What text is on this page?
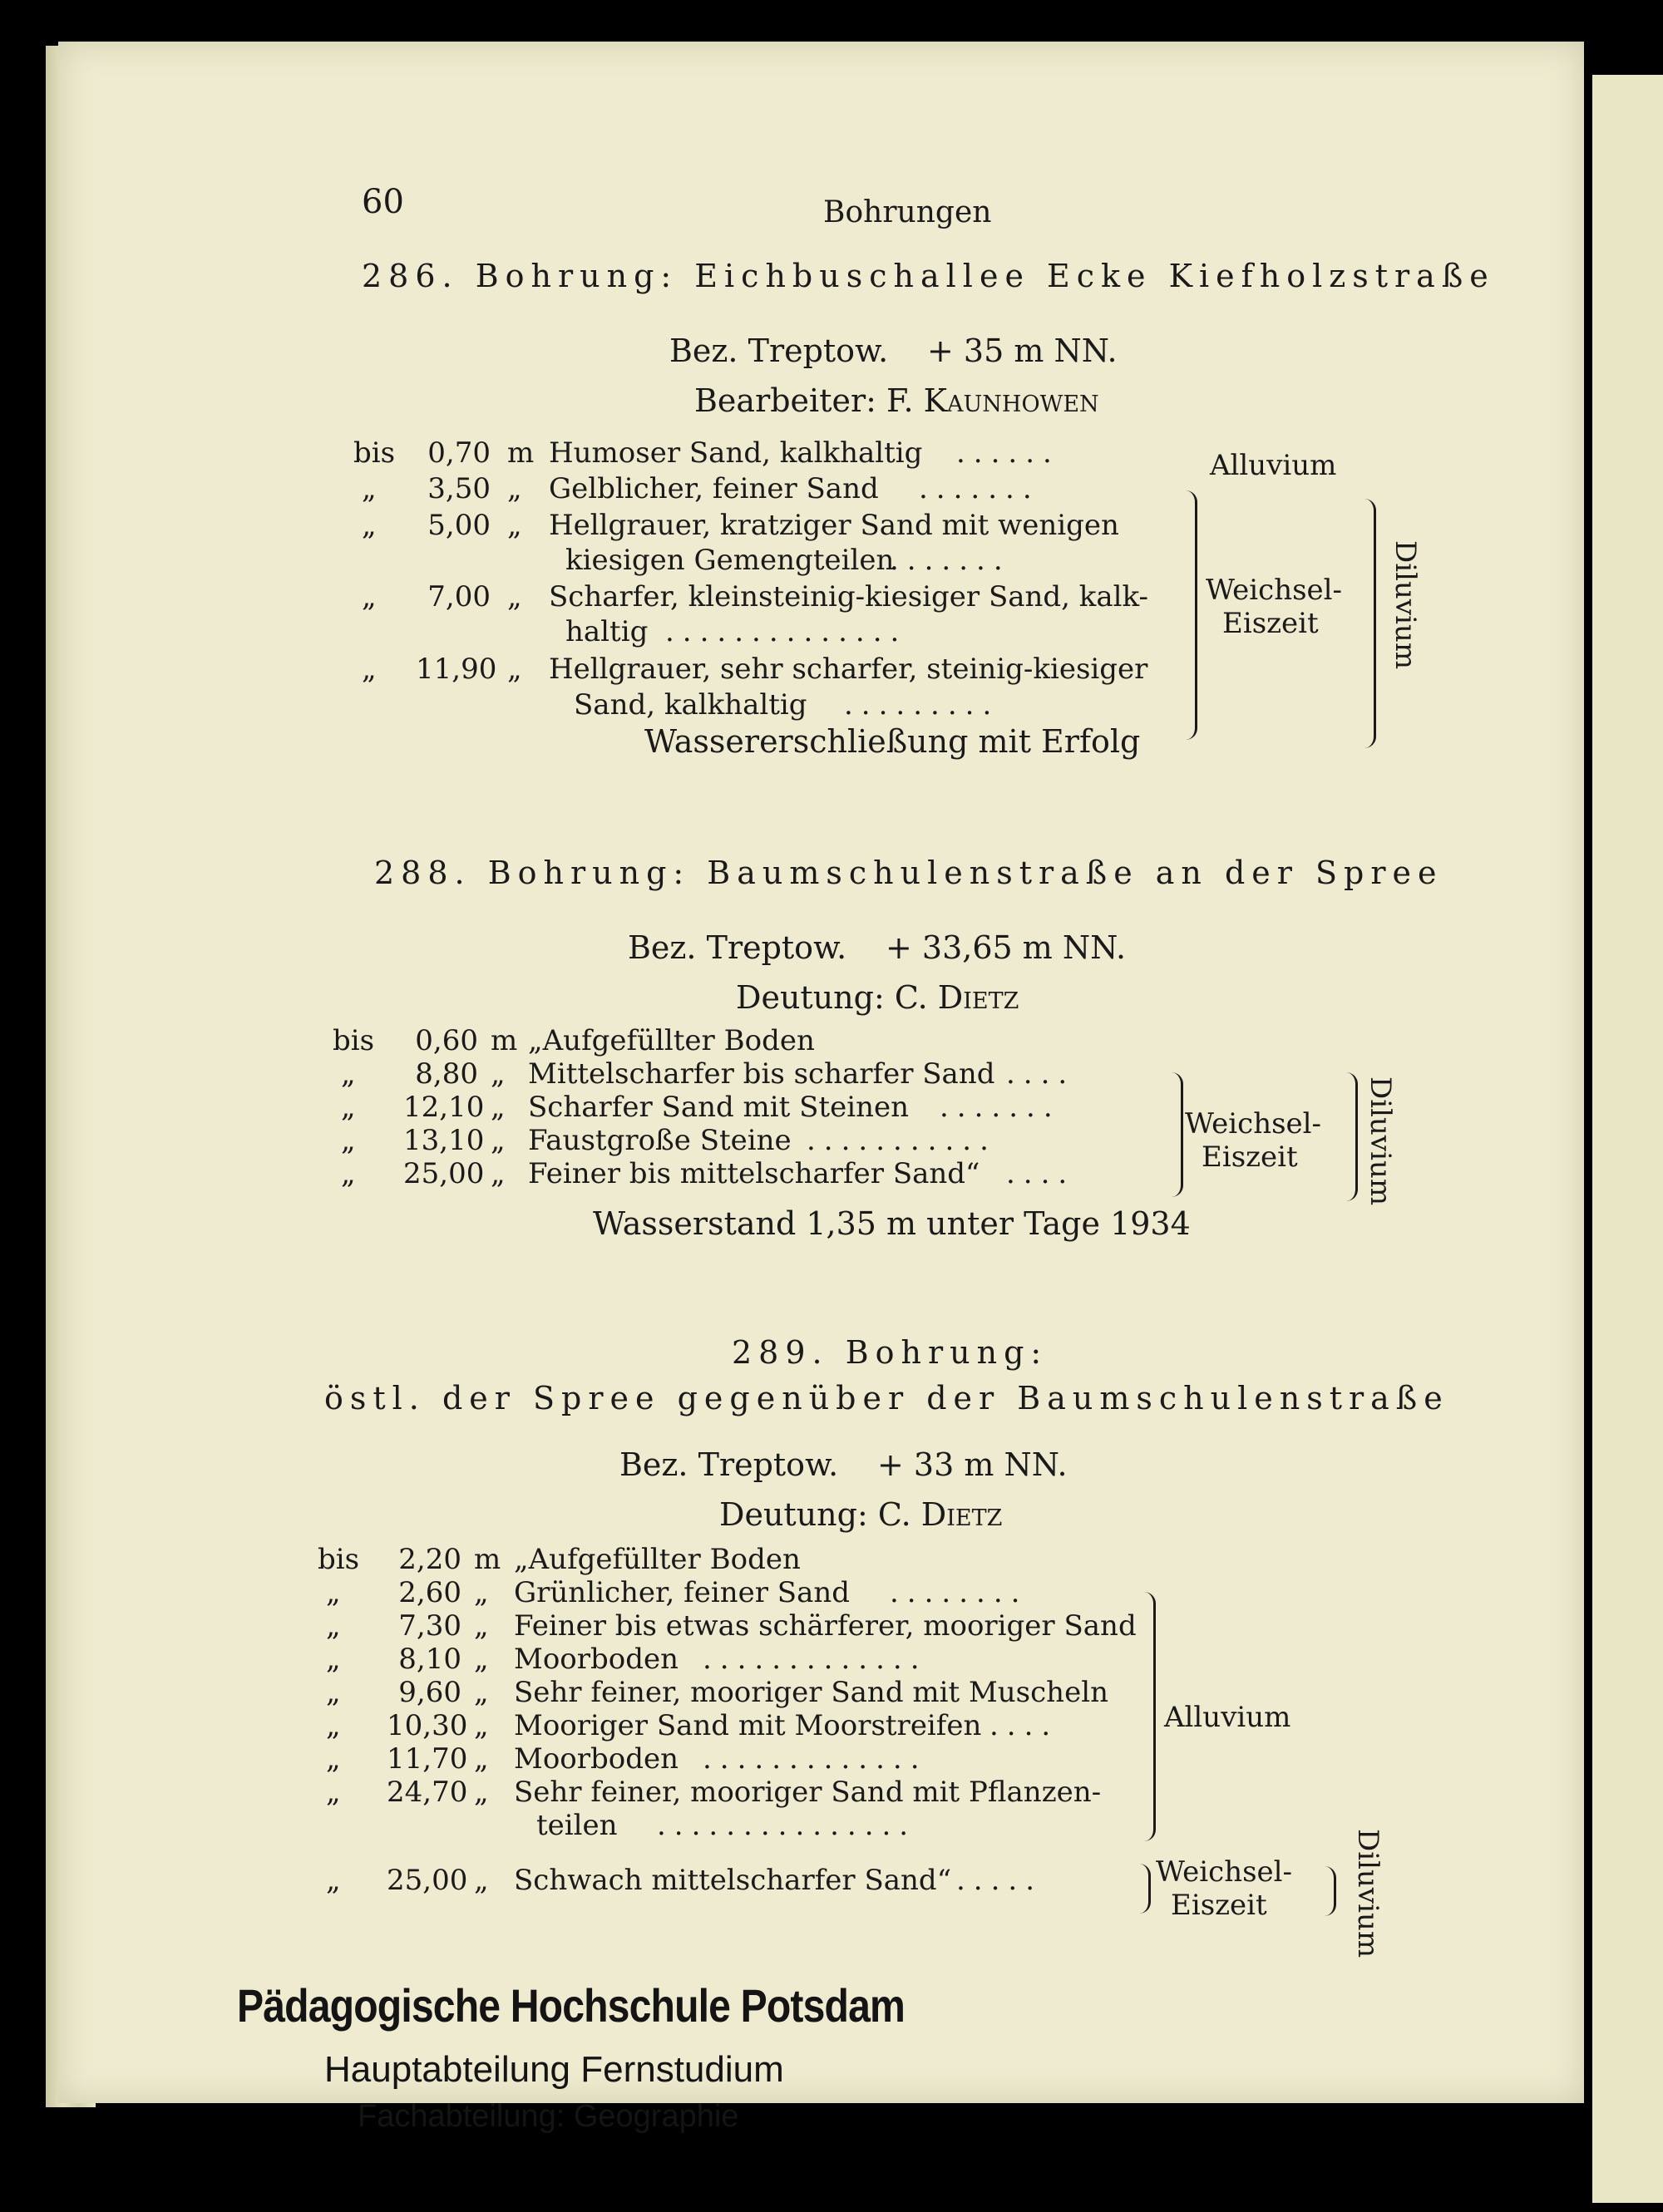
60	Bohrungen
286. Bohrung: Eichbuschallee Ecke Kiefholzstraße
Bez. Treptow. + 35 m NN.
Bearbeiter: F. Kaunhowen
bis	0,70 m Humoser Sand, kalkhaltig ......
„	3,50 „ Gelblicher, feiner Sand .......
„	5,00 „ Hellgrauer, kratziger Sand mit wenigen
kiesigen Gemengteilen
.......
„	7,00 „ Scharfer, kleinsteinig-kiesiger Sand, kalk-
haltig ..............
„ 11,90 „ Hellgrauer, sehr scharfer, steinig-kiesiger
Sand, kalkhaltig .........
Alluvium
Weichsel-
Eiszeit Diluvium
Wassererschließung mit Erfolg
288. Bohrung: Baumschulenstraße an der Spree
Bez. Treptow. + 33,65 m NN.
Deutung: C. Dietz
bis	0,60 m „Aufgefüllter Boden
„	8,80 „ Mittelscharfer bis scharfer Sand ....
„ 12,10 „ Scharfer Sand mit Steinen .......
„ 13,10 „ Faustgroße Steine ...........
„ 25,00 „ Feiner bis mittelscharfer Sand“ ....
Weichsel-
Eiszeit Diluvium
Wasserstand 1,35 m unter Tage 1934
289. Bohrung:
östl. der Spree gegenüber der Baumschulenstraße
Bez. Treptow. + 33 m NN.
Deutung: C. Dietz
bis	2,20 m „Aufgefüllter Boden
„	2,60 „ Grünlicher, feiner Sand ........
„	7,30 „ Feiner bis etwas schärferer, mooriger Sand
„	8,10 „ Moorboden .............
„	9,60 „ Sehr feiner, mooriger Sand mit Muscheln
„ 10,30 „ Mooriger Sand mit Moorstreifen ....
„ 11,70 „ Moorboden .............
„ 24,70 „ Sehr feiner, mooriger Sand mit Pflanzen-
teilen ...............
„ 25,00 „ Schwach mittelscharfer Sand“ .....
Alluvium
Weichsel-
Eiszeit	Diluvium
Pädagogische Hochschule Potsdam
Hauptabteilung Fernstudium
Fachabteilung: Geographie
